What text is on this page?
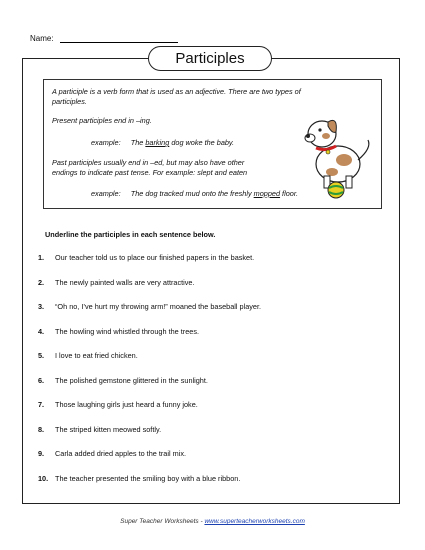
Name:
Participles
A participle is a verb form that is used as an adjective. There are two types of
participles.
Present participles end in –ing.
example: The barking dog woke the baby.
Past participles usually end in –ed, but may also have other
endings to indicate past tense. For example: slept and eaten
example: The dog tracked mud onto the freshly mopped floor.
Underline the participles in each sentence below.
1. Our teacher told us to place our finished papers in the basket.
2. The newly painted walls are very attractive.
3. “Oh no, I’ve hurt my throwing arm!” moaned the baseball player.
4. The howling wind whistled through the trees.
5. I love to eat fried chicken.
6. The polished gemstone glittered in the sunlight.
7. Those laughing girls just heard a funny joke.
8. The striped kitten meowed softly.
9. Carla added dried apples to the trail mix.
10. The teacher presented the smiling boy with a blue ribbon.
Super Teacher Worksheets - www.superteacherworksheets.com
